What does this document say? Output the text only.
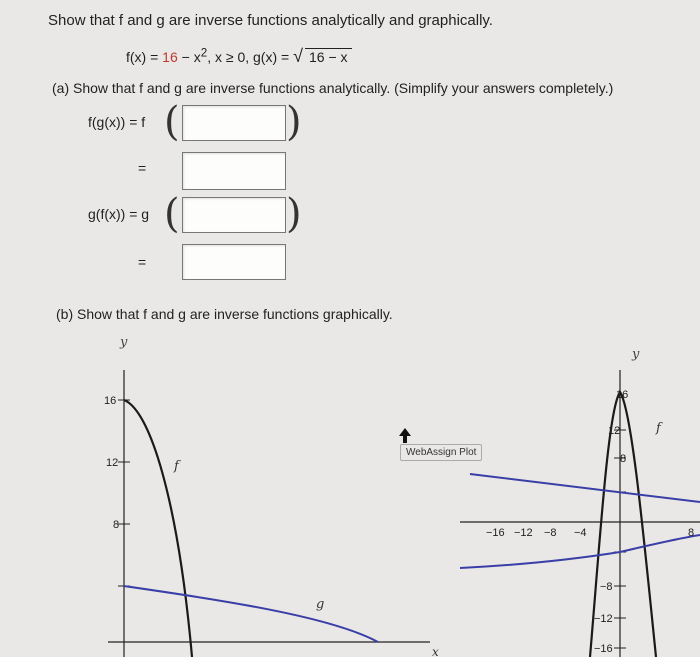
Show that f and g are inverse functions analytically and graphically.
$f(x) = 16 - x^2$, x ≥ 0, g(x) = √ 16 − x
(a) Show that f and g are inverse functions analytically. (Simplify your answers completely.)
f(g(x)) = f (	)
=
g(f(x)) = g (	)
=
(b) Show that f and g are inverse functions graphically.
y
16
12
8
f
g
x
WebAssign Plot
y
16
12
8
−8
−12
−16
−16 −12 −8 −4	8
f
